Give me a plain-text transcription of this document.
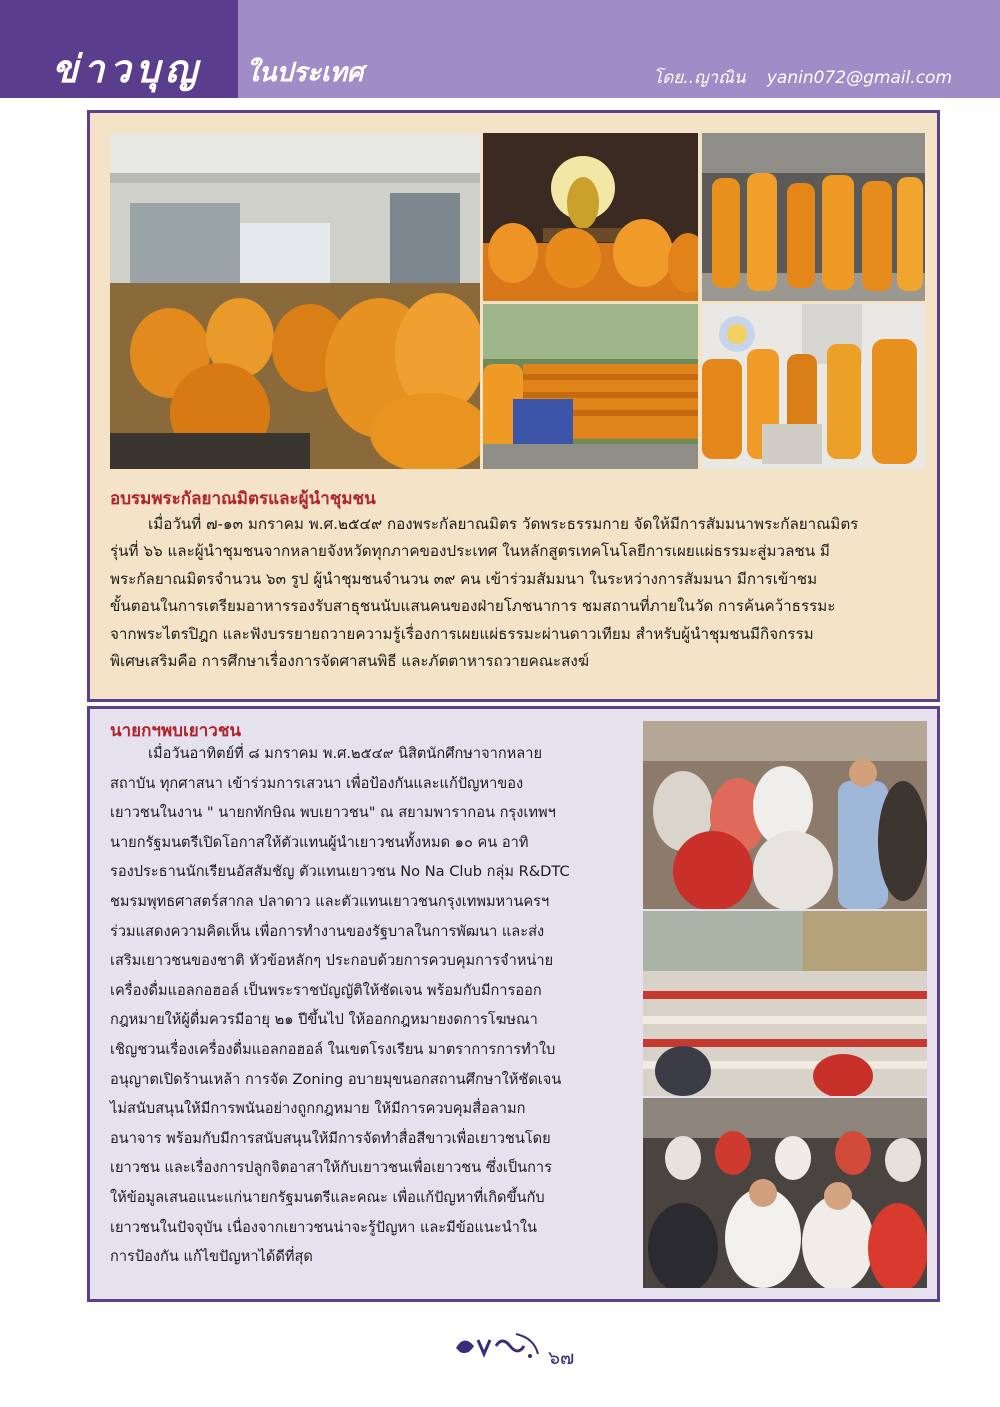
ข่าวบุญ ในประเทศ	โดย..ญาณิน yanin072@gmail.com
อบรมพระกัลยาณมิตรและผู้นำชุมชน
เมื่อวันที่ ๗-๑๓ มกราคม พ.ศ.๒๕๔๙ กองพระกัลยาณมิตร วัดพระธรรมกาย จัดให้มีการสัมมนาพระกัลยาณมิตร
รุ่นที่ ๖๖ และผู้นำชุมชนจากหลายจังหวัดทุกภาคของประเทศ ในหลักสูตรเทคโนโลยีการเผยแผ่ธรรมะสู่มวลชน มี
พระกัลยาณมิตรจำนวน ๖๓ รูป ผู้นำชุมชนจำนวน ๓๙ คน เข้าร่วมสัมมนา ในระหว่างการสัมมนา มีการเข้าชม
ขั้นตอนในการเตรียมอาหารรองรับสาธุชนนับแสนคนของฝ่ายโภชนาการ ชมสถานที่ภายในวัด การค้นคว้าธรรมะ
จากพระไตรปิฎก และฟังบรรยายถวายความรู้เรื่องการเผยแผ่ธรรมะผ่านดาวเทียม สำหรับผู้นำชุมชนมีกิจกรรม
พิเศษเสริมคือ การศึกษาเรื่องการจัดศาสนพิธี และภัตตาหารถวายคณะสงฆ์
นายกฯพบเยาวชน
เมื่อวันอาทิตย์ที่ ๘ มกราคม พ.ศ.๒๕๔๙ นิสิตนักศึกษาจากหลาย
สถาบัน ทุกศาสนา เข้าร่วมการเสวนา เพื่อป้องกันและแก้ปัญหาของ
เยาวชนในงาน " นายกทักษิณ พบเยาวชน" ณ สยามพารากอน กรุงเทพฯ
นายกรัฐมนตรีเปิดโอกาสให้ตัวแทนผู้นำเยาวชนทั้งหมด ๑๐ คน อาทิ
รองประธานนักเรียนอัสสัมชัญ ตัวแทนเยาวชน No Na Club กลุ่ม R&DTC
ชมรมพุทธศาสตร์สากล ปลาดาว และตัวแทนเยาวชนกรุงเทพมหานครฯ
ร่วมแสดงความคิดเห็น เพื่อการทำงานของรัฐบาลในการพัฒนา และส่ง
เสริมเยาวชนของชาติ หัวข้อหลักๆ ประกอบด้วยการควบคุมการจำหน่าย
เครื่องดื่มแอลกอฮอล์ เป็นพระราชบัญญัติให้ชัดเจน พร้อมกับมีการออก
กฎหมายให้ผู้ดื่มควรมีอายุ ๒๑ ปีขึ้นไป ให้ออกกฎหมายงดการโฆษณา
เชิญชวนเรื่องเครื่องดื่มแอลกอฮอล์ ในเขตโรงเรียน มาตราการการทำใบ
อนุญาตเปิดร้านเหล้า การจัด Zoning อบายมุขนอกสถานศึกษาให้ชัดเจน
ไม่สนับสนุนให้มีการพนันอย่างถูกกฎหมาย ให้มีการควบคุมสื่อลามก
อนาจาร พร้อมกับมีการสนับสนุนให้มีการจัดทำสื่อสีขาวเพื่อเยาวชนโดย
เยาวชน และเรื่องการปลูกจิตอาสาให้กับเยาวชนเพื่อเยาวชน ซึ่งเป็นการ
ให้ข้อมูลเสนอแนะแก่นายกรัฐมนตรีและคณะ เพื่อแก้ปัญหาที่เกิดขึ้นกับ
เยาวชนในปัจจุบัน เนื่องจากเยาวชนน่าจะรู้ปัญหา และมีข้อแนะนำใน
การป้องกัน แก้ไขปัญหาได้ดีที่สุด
๖๗
